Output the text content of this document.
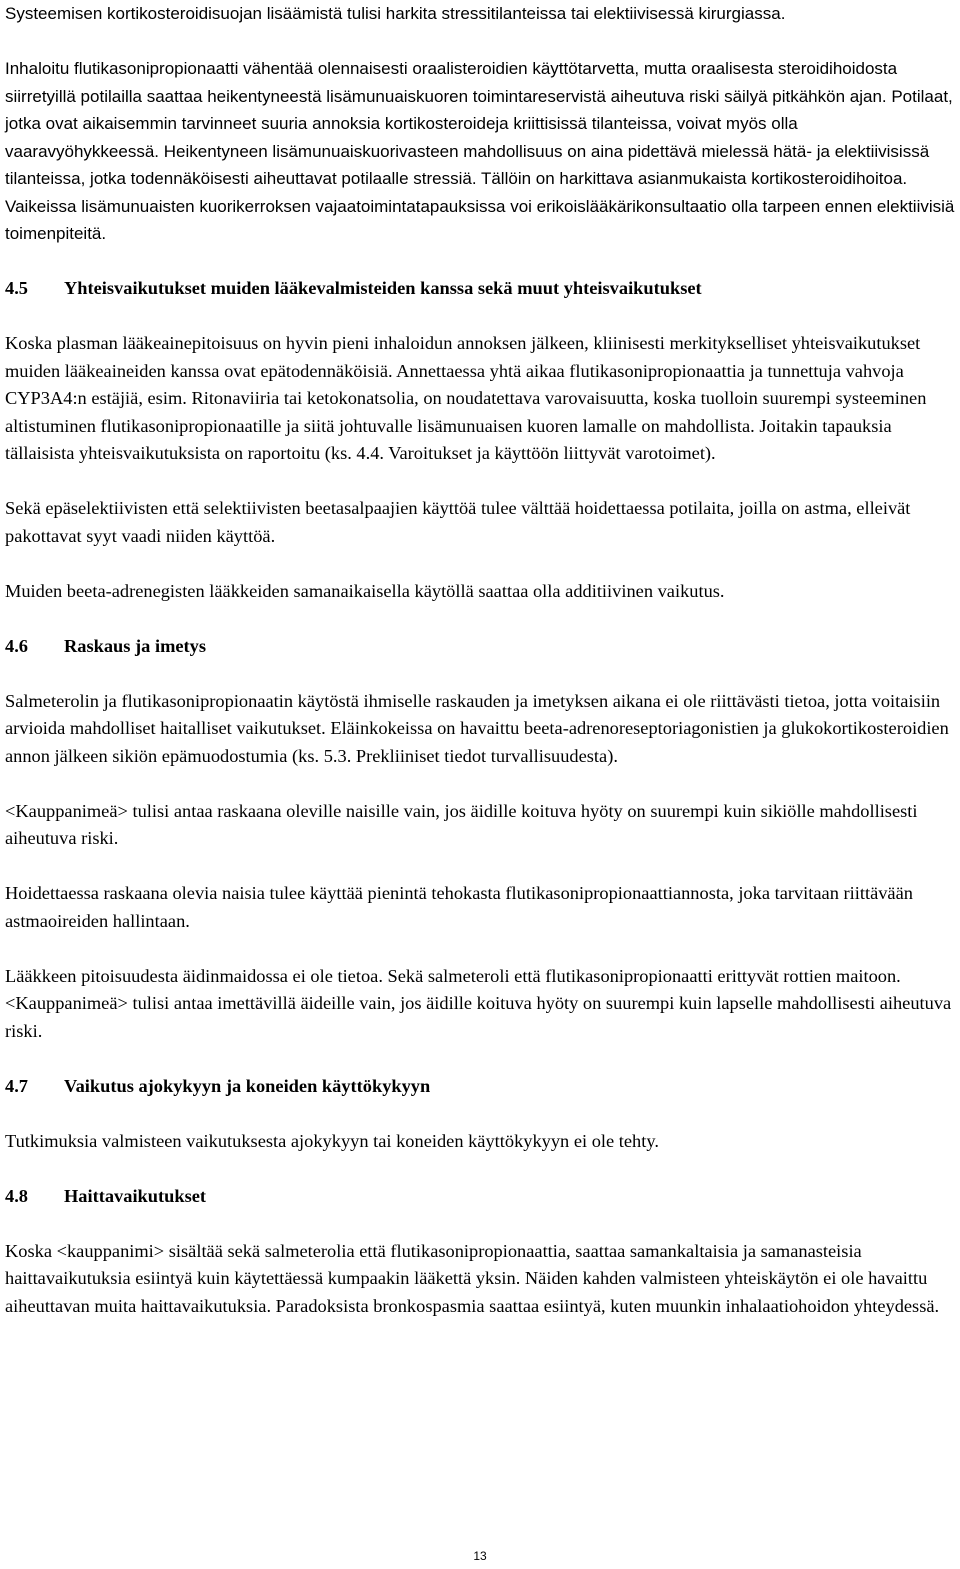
Systeemisen kortikosteroidisuojan lisäämistä tulisi harkita stressitilanteissa tai elektiivisessä kirurgiassa.

Inhaloitu flutikasonipropionaatti vähentää olennaisesti oraalisteroidien käyttötarvetta, mutta oraalisesta steroidihoidosta siirretyillä potilailla saattaa heikentyneestä lisämunuaiskuoren toimintareservistä aiheutuva riski säilyä pitkähkön ajan. Potilaat, jotka ovat aikaisemmin tarvinneet suuria annoksia kortikosteroideja kriittisissä tilanteissa, voivat myös olla vaaravyöhykkeessä. Heikentyneen lisämunuaiskuorivasteen mahdollisuus on aina pidettävä mielessä hätä- ja elektiivisissä tilanteissa, jotka todennäköisesti aiheuttavat potilaalle stressiä. Tällöin on harkittava asianmukaista kortikosteroidihoitoa. Vaikeissa lisämunuaisten kuorikerroksen vajaatoimintatapauksissa voi erikoislääkärikonsultaatio olla tarpeen ennen elektiivisiä toimenpiteitä.

4.5	Yhteisvaikutukset muiden lääkevalmisteiden kanssa sekä muut yhteisvaikutukset

Koska plasman lääkeainepitoisuus on hyvin pieni inhaloidun annoksen jälkeen, kliinisesti merkitykselliset yhteisvaikutukset muiden lääkeaineiden kanssa ovat epätodennäköisiä. Annettaessa yhtä aikaa flutikasonipropionaattia ja tunnettuja vahvoja CYP3A4:n estäjiä, esim. Ritonaviiria tai ketokonatsolia, on noudatettava varovaisuutta, koska tuolloin suurempi systeeminen altistuminen flutikasonipropionaatille ja siitä johtuvalle lisämunuaisen kuoren lamalle on mahdollista. Joitakin tapauksia tällaisista yhteisvaikutuksista on raportoitu (ks. 4.4. Varoitukset ja käyttöön liittyvät varotoimet).

Sekä epäselektiivisten että selektiivisten beetasalpaajien käyttöä tulee välttää hoidettaessa potilaita, joilla on astma, elleivät pakottavat syyt vaadi niiden käyttöä.

Muiden beeta-adrenegisten lääkkeiden samanaikaisella käytöllä saattaa olla additiivinen vaikutus.

4.6	Raskaus ja imetys

Salmeterolin ja flutikasonipropionaatin käytöstä ihmiselle raskauden ja imetyksen aikana ei ole riittävästi tietoa, jotta voitaisiin arvioida mahdolliset haitalliset vaikutukset. Eläinkokeissa on havaittu beeta-adrenoreseptoriagonistien ja glukokortikosteroidien annon jälkeen sikiön epämuodostumia (ks. 5.3. Prekliiniset tiedot turvallisuudesta).

<Kauppanimeä> tulisi antaa raskaana oleville naisille vain, jos äidille koituva hyöty on suurempi kuin sikiölle mahdollisesti aiheutuva riski.

Hoidettaessa raskaana olevia naisia tulee käyttää pienintä tehokasta flutikasonipropionaattiannosta, joka tarvitaan riittävään astmaoireiden hallintaan.

Lääkkeen pitoisuudesta äidinmaidossa ei ole tietoa. Sekä salmeteroli että flutikasonipropionaatti erittyvät rottien maitoon. <Kauppanimeä> tulisi antaa imettävillä äideille vain, jos äidille koituva hyöty on suurempi kuin lapselle mahdollisesti aiheutuva riski.

4.7	Vaikutus ajokykyyn ja koneiden käyttökykyyn

Tutkimuksia valmisteen vaikutuksesta ajokykyyn tai koneiden käyttökykyyn ei ole tehty.

4.8	Haittavaikutukset

Koska <kauppanimi> sisältää sekä salmeterolia että flutikasonipropionaattia, saattaa samankaltaisia ja samanasteisia haittavaikutuksia esiintyä kuin käytettäessä kumpaakin lääkettä yksin. Näiden kahden valmisteen yhteiskäytön ei ole havaittu aiheuttavan muita haittavaikutuksia. Paradoksista bronkospasmia saattaa esiintyä, kuten muunkin inhalaatiohoidon yhteydessä.

13
